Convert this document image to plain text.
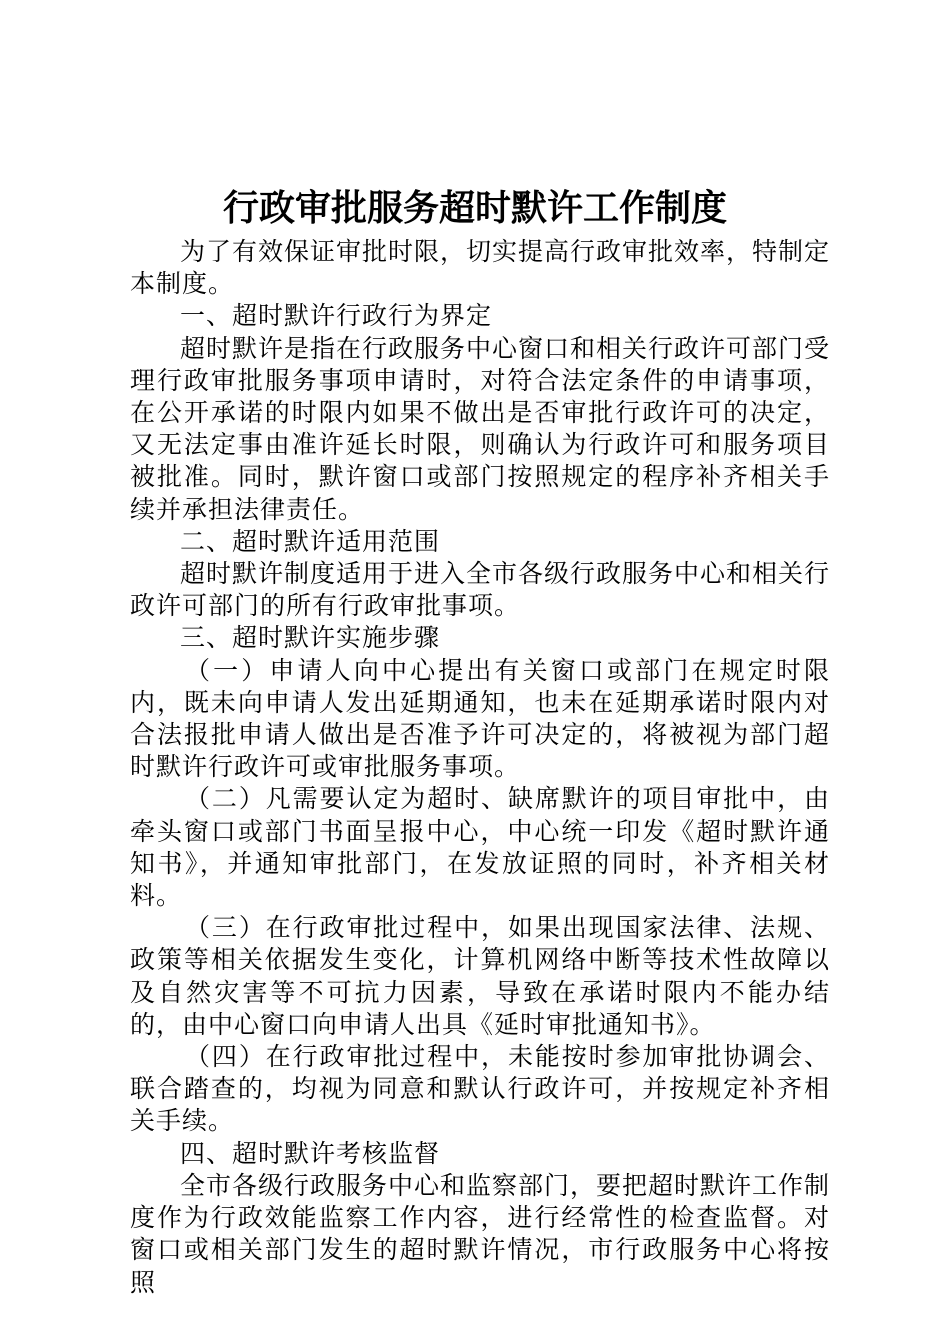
行政审批服务超时默许工作制度

为了有效保证审批时限，切实提高行政审批效率，特制定本制度。

一、超时默许行政行为界定

超时默许是指在行政服务中心窗口和相关行政许可部门受理行政审批服务事项申请时，对符合法定条件的申请事项，在公开承诺的时限内如果不做出是否审批行政许可的决定，又无法定事由准许延长时限，则确认为行政许可和服务项目被批准。同时，默许窗口或部门按照规定的程序补齐相关手续并承担法律责任。

二、超时默许适用范围

超时默许制度适用于进入全市各级行政服务中心和相关行政许可部门的所有行政审批事项。

三、超时默许实施步骤

（一）申请人向中心提出有关窗口或部门在规定时限内，既未向申请人发出延期通知，也未在延期承诺时限内对合法报批申请人做出是否准予许可决定的，将被视为部门超时默许行政许可或审批服务事项。

（二）凡需要认定为超时、缺席默许的项目审批中，由牵头窗口或部门书面呈报中心，中心统一印发《超时默许通知书》，并通知审批部门，在发放证照的同时，补齐相关材料。

（三）在行政审批过程中，如果出现国家法律、法规、政策等相关依据发生变化，计算机网络中断等技术性故障以及自然灾害等不可抗力因素，导致在承诺时限内不能办结的，由中心窗口向申请人出具《延时审批通知书》。

（四）在行政审批过程中，未能按时参加审批协调会、联合踏查的，均视为同意和默认行政许可，并按规定补齐相关手续。

四、超时默许考核监督

全市各级行政服务中心和监察部门，要把超时默许工作制度作为行政效能监察工作内容，进行经常性的检查监督。对窗口或相关部门发生的超时默许情况，市行政服务中心将按照
